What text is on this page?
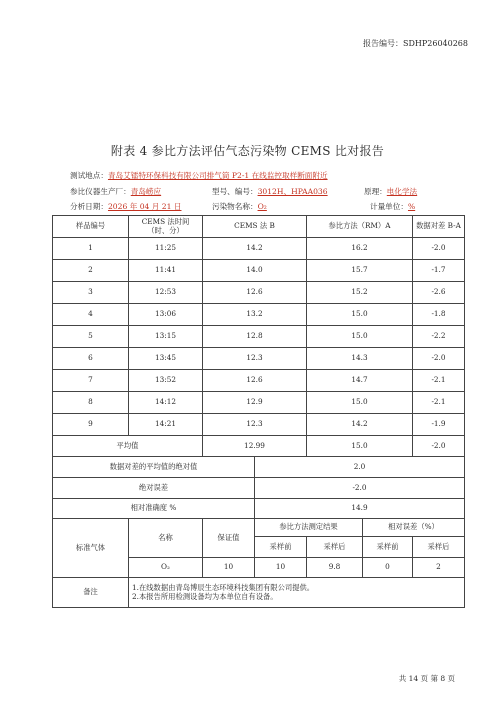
报告编号：SDHP26040268
附表 4 参比方法评估气态污染物 CEMS 比对报告
测试地点：青岛艾镭特环保科技有限公司排气筒 P2-1 在线监控取样断面附近
参比仪器生产厂：青岛崂应	型号、编号：3012H、HPAA036	原理：电化学法
分析日期：2026 年 04 月 21 日	污染物名称：O₂	计量单位：%
样品编号	CEMS 法时间
（时、分）	CEMS 法 B		参比方法（RM）A		数据对差 B-A
1	11:25	14.2		16.2		-2.0
2	11:41	14.0		15.7		-1.7
3	12:53	12.6		15.2		-2.6
4	13:06	13.2		15.0		-1.8
5	13:15	12.8		15.0		-2.2
6	13:45	12.3		14.3		-2.0
7	13:52	12.6		14.7		-2.1
8	14:12	12.9		15.0		-2.1
9	14:21	12.3		14.2		-1.9
平均值		12.99		15.0		-2.0
数据对差的平均值的绝对值			2.0			
绝对误差			-2.0			
相对准确度 %			14.9			
标准气体	名称	保证值	参比方法测定结果		相对误差（%）	
			采样前	采样后	采样前	采样后
	O₂	10	10	9.8	0	2
备注	1.在线数据由青岛博辰生态环境科技集团有限公司提供。
2.本报告所用检测设备均为本单位自有设备。					
共 14 页 第 8 页
